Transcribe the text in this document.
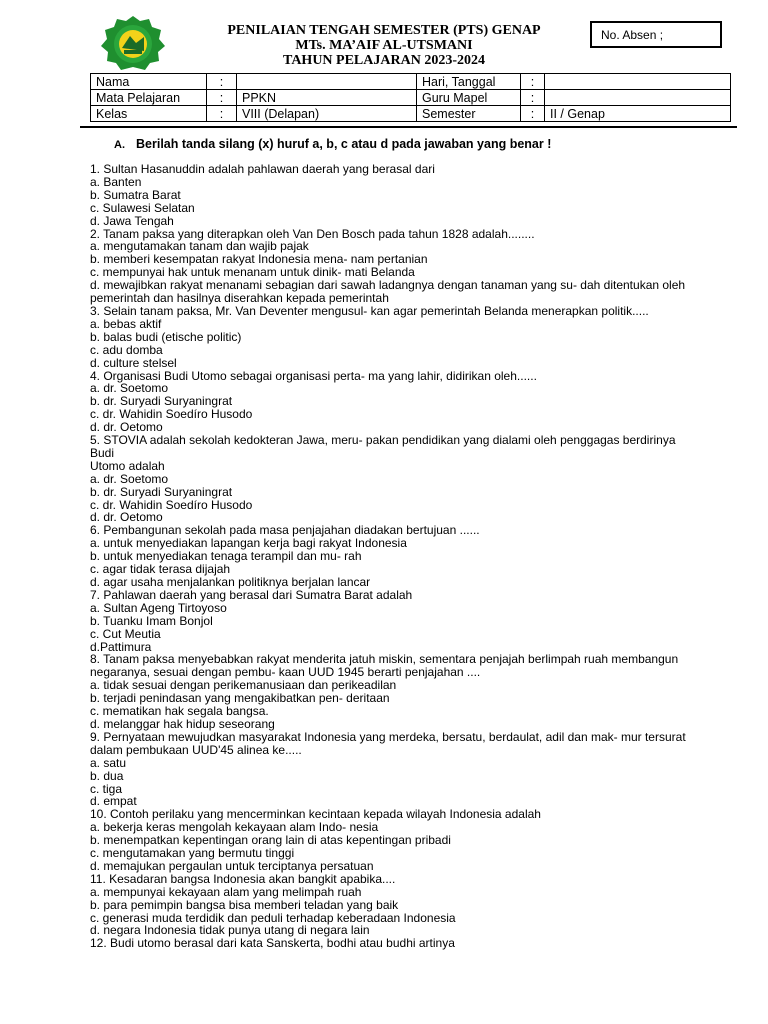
PENILAIAN TENGAH SEMESTER (PTS) GENAP
MTs. MA’AIF AL-UTSMANI
TAHUN PELAJARAN 2023-2024
No. Absen ;
Nama	:		Hari, Tanggal	:	
Mata Pelajaran	:	PPKN	Guru Mapel	:	
Kelas	:	VIII (Delapan)	Semester	:	II / Genap
A. Berilah tanda silang (x) huruf a, b, c atau d pada jawaban yang benar !
1. Sultan Hasanuddin adalah pahlawan daerah yang berasal dari
a. Banten
b. Sumatra Barat
c. Sulawesi Selatan
d. Jawa Tengah
2. Tanam paksa yang diterapkan oleh Van Den Bosch pada tahun 1828 adalah........
a. mengutamakan tanam dan wajib pajak
b. memberi kesempatan rakyat Indonesia mena- nam pertanian
c. mempunyai hak untuk menanam untuk dinik- mati Belanda
d. mewajibkan rakyat menanami sebagian dari sawah ladangnya dengan tanaman yang su- dah ditentukan oleh
pemerintah dan hasilnya diserahkan kepada pemerintah
3. Selain tanam paksa, Mr. Van Deventer mengusul- kan agar pemerintah Belanda menerapkan politik.....
a. bebas aktif
b. balas budi (etische politic)
c. adu domba
d. culture stelsel
4. Organisasi Budi Utomo sebagai organisasi perta- ma yang lahir, didirikan oleh......
a. dr. Soetomo
b. dr. Suryadi Suryaningrat
c. dr. Wahidin Soedíro Husodo
d. dr. Oetomo
5. STOVIA adalah sekolah kedokteran Jawa, meru- pakan pendidikan yang dialami oleh penggagas berdirinya Budi
Utomo adalah
a. dr. Soetomo
b. dr. Suryadi Suryaningrat
c. dr. Wahidin Soedíro Husodo
d. dr. Oetomo
6. Pembangunan sekolah pada masa penjajahan diadakan bertujuan ......
a. untuk menyediakan lapangan kerja bagi rakyat Indonesia
b. untuk menyediakan tenaga terampil dan mu- rah
c. agar tidak terasa dijajah
d. agar usaha menjalankan politiknya berjalan lancar
7. Pahlawan daerah yang berasal dari Sumatra Barat adalah
a. Sultan Ageng Tirtoyoso
b. Tuanku Imam Bonjol
c. Cut Meutia
d.Pattimura
8. Tanam paksa menyebabkan rakyat menderita jatuh miskin, sementara penjajah berlimpah ruah membangun
negaranya, sesuai dengan pembu- kaan UUD 1945 berarti penjajahan ....
a. tidak sesuai dengan perikemanusiaan dan perikeadilan
b. terjadi penindasan yang mengakibatkan pen- deritaan
c. mematikan hak segala bangsa.
d. melanggar hak hidup seseorang
9. Pernyataan mewujudkan masyarakat Indonesia yang merdeka, bersatu, berdaulat, adil dan mak- mur tersurat
dalam pembukaan UUD'45 alinea ke.....
a. satu
b. dua
c. tiga
d. empat
10. Contoh perilaku yang mencerminkan kecintaan kepada wilayah Indonesia adalah
a. bekerja keras mengolah kekayaan alam Indo- nesia
b. menempatkan kepentingan orang lain di atas kepentingan pribadi
c. mengutamakan yang bermutu tinggi
d. memajukan pergaulan untuk terciptanya persatuan
11. Kesadaran bangsa Indonesia akan bangkit apabika....
a. mempunyai kekayaan alam yang melimpah ruah
b. para pemimpin bangsa bisa memberi teladan yang baik
c. generasi muda terdidik dan peduli terhadap keberadaan Indonesia
d. negara Indonesia tidak punya utang di negara lain
12. Budi utomo berasal dari kata Sanskerta, bodhi atau budhi artinya
